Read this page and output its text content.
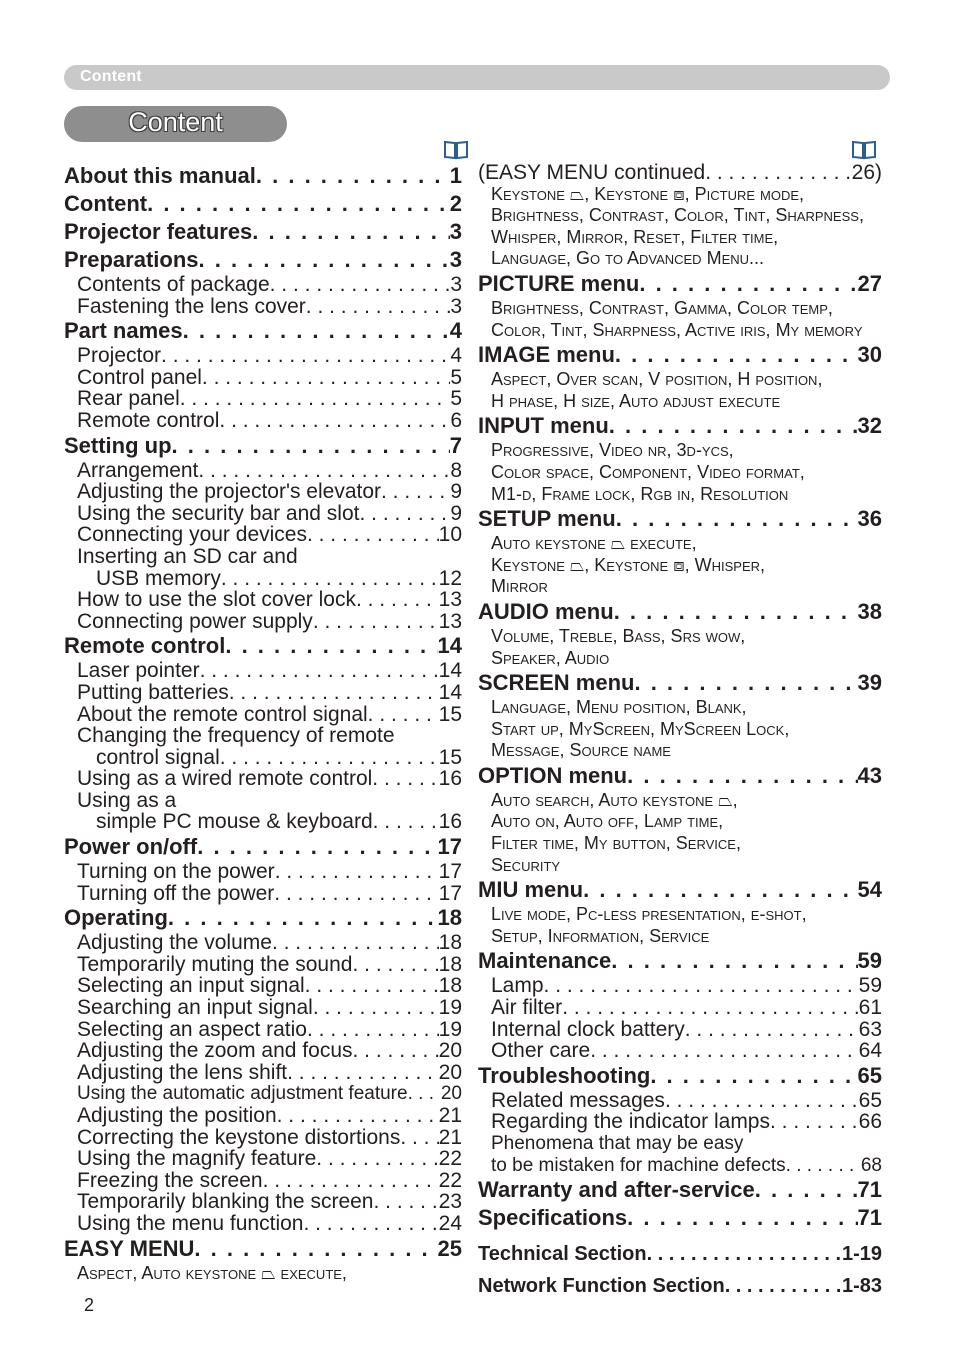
Content
Content
About this manual . . .	1
Content . . .	2
Projector features . . .	3
Preparations . . .	3
Contents of package . . .	3
Fastening the lens cover . . .	3
Part names . . .	4
Projector . . .	4
Control panel . . .	5
Rear panel . . .	5
Remote control . . .	6
Setting up . . .	7
Arrangement . . .	8
Adjusting the projector's elevator . . .	9
Using the security bar and slot . . .	9
Connecting your devices . . .	10
Inserting an SD car and
USB memory . . .	12
How to use the slot cover lock . . .	13
Connecting power supply . . .	13
Remote control . . .	14
Laser pointer . . .	14
Putting batteries . . .	14
About the remote control signal . . .	15
Changing the frequency of remote
control signal . . .	15
Using as a wired remote control . . .	16
Using as a
simple PC mouse & keyboard . . .	16
Power on/off . . .	17
Turning on the power . . .	17
Turning off the power . . .	17
Operating . . .	18
Adjusting the volume . . .	18
Temporarily muting the sound . . .	18
Selecting an input signal . . .	18
Searching an input signal . . .	19
Selecting an aspect ratio . . .	19
Adjusting the zoom and focus . . .	20
Adjusting the lens shift . . .	20
Using the automatic adjustment feature . . . 20
Adjusting the position . . .	21
Correcting the keystone distortions . . . 21
Using the magnify feature . . .	22
Freezing the screen . . .	22
Temporarily blanking the screen . . .	23
Using the menu function . . .	24
EASY MENU . . .	25
Aspect, Auto keystone ⏢ execute,
(EASY MENU continued . . .	26)
Keystone ⏢, Keystone ⧈, Picture mode,
Brightness, Contrast, Color, Tint, Sharpness,
Whisper, Mirror, Reset, Filter time,
Language, Go to Advanced Menu...
PICTURE menu . . .	27
Brightness, Contrast, Gamma, Color temp,
Color, Tint, Sharpness, Active iris, My memory
IMAGE menu . . .	30
Aspect, Over scan, V position, H position,
H phase, H size, Auto adjust execute
INPUT menu . . .	32
Progressive, Video nr, 3d-ycs,
Color space, Component, Video format,
M1-d, Frame lock, Rgb in, Resolution
SETUP menu . . .	36
Auto keystone ⏢ execute,
Keystone ⏢, Keystone ⧈, Whisper,
Mirror
AUDIO menu . . .	38
Volume, Treble, Bass, Srs wow,
Speaker, Audio
SCREEN menu . . .	39
Language, Menu position, Blank,
Start up, MyScreen, MyScreen Lock,
Message, Source name
OPTION menu . . .	43
Auto search, Auto keystone ⏢,
Auto on, Auto off, Lamp time,
Filter time, My button, Service,
Security
MIU menu . . .	54
Live mode, Pc-less presentation, e-shot,
Setup, Information, Service
Maintenance . . .	59
Lamp . . .	59
Air filter . . .	61
Internal clock battery . . .	63
Other care . . .	64
Troubleshooting . . .	65
Related messages . . .	65
Regarding the indicator lamps . . .	66
Phenomena that may be easy
to be mistaken for machine defects . . .	68
Warranty and after-service . . .	71
Specifications . . .	71
Technical Section . . .	1-19
Network Function Section . . .	1-83
2
